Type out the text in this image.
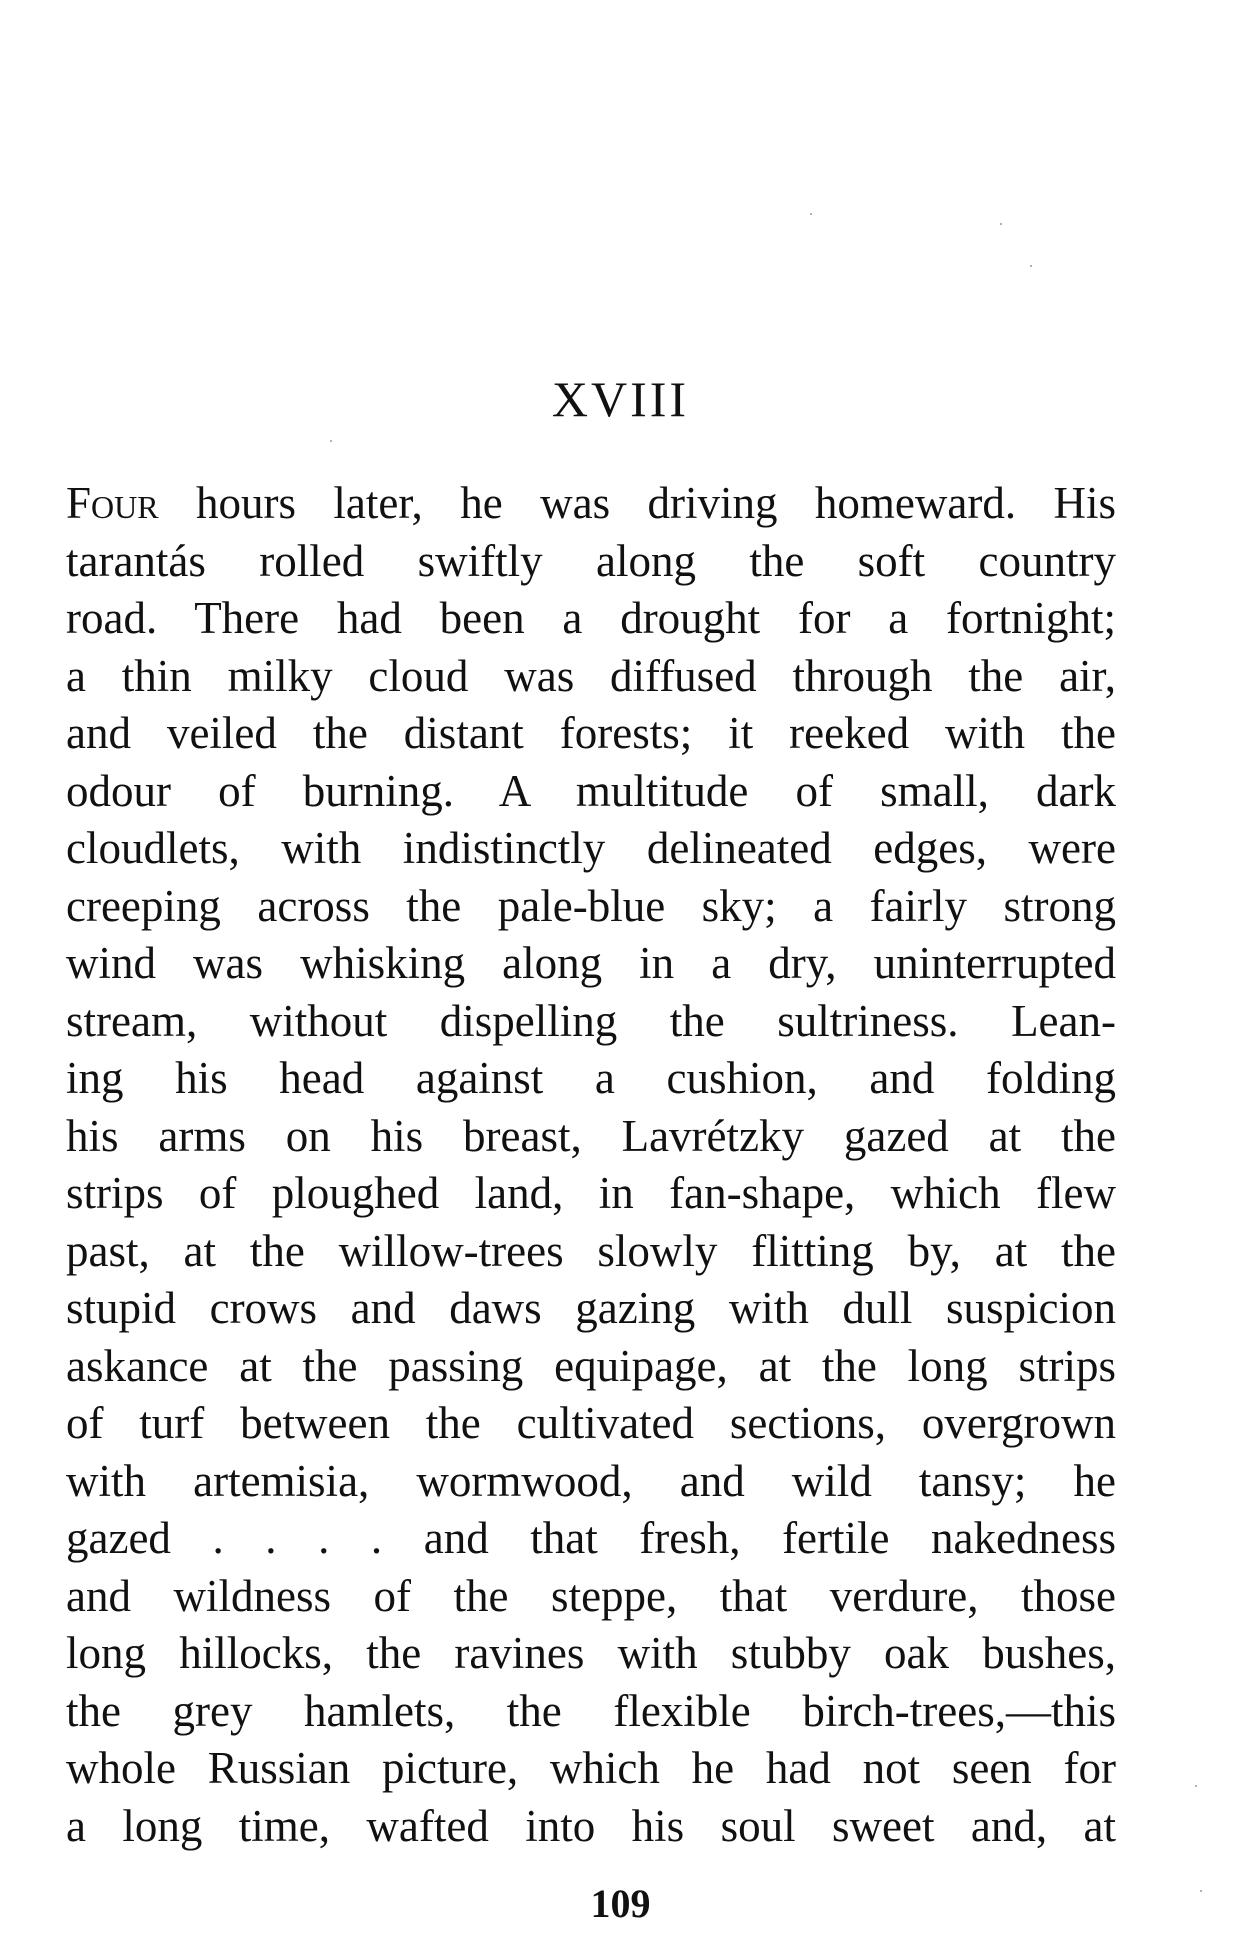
XVIII
Four hours later, he was driving homeward. His
tarantás rolled swiftly along the soft country
road. There had been a drought for a fortnight;
a thin milky cloud was diffused through the air,
and veiled the distant forests; it reeked with the
odour of burning. A multitude of small, dark
cloudlets, with indistinctly delineated edges, were
creeping across the pale-blue sky; a fairly strong
wind was whisking along in a dry, uninterrupted
stream, without dispelling the sultriness. Lean-
ing his head against a cushion, and folding
his arms on his breast, Lavrétzky gazed at the
strips of ploughed land, in fan-shape, which flew
past, at the willow-trees slowly flitting by, at the
stupid crows and daws gazing with dull suspicion
askance at the passing equipage, at the long strips
of turf between the cultivated sections, overgrown
with artemisia, wormwood, and wild tansy; he
gazed . . . . and that fresh, fertile nakedness
and wildness of the steppe, that verdure, those
long hillocks, the ravines with stubby oak bushes,
the grey hamlets, the flexible birch-trees,—this
whole Russian picture, which he had not seen for
a long time, wafted into his soul sweet and, at
109
